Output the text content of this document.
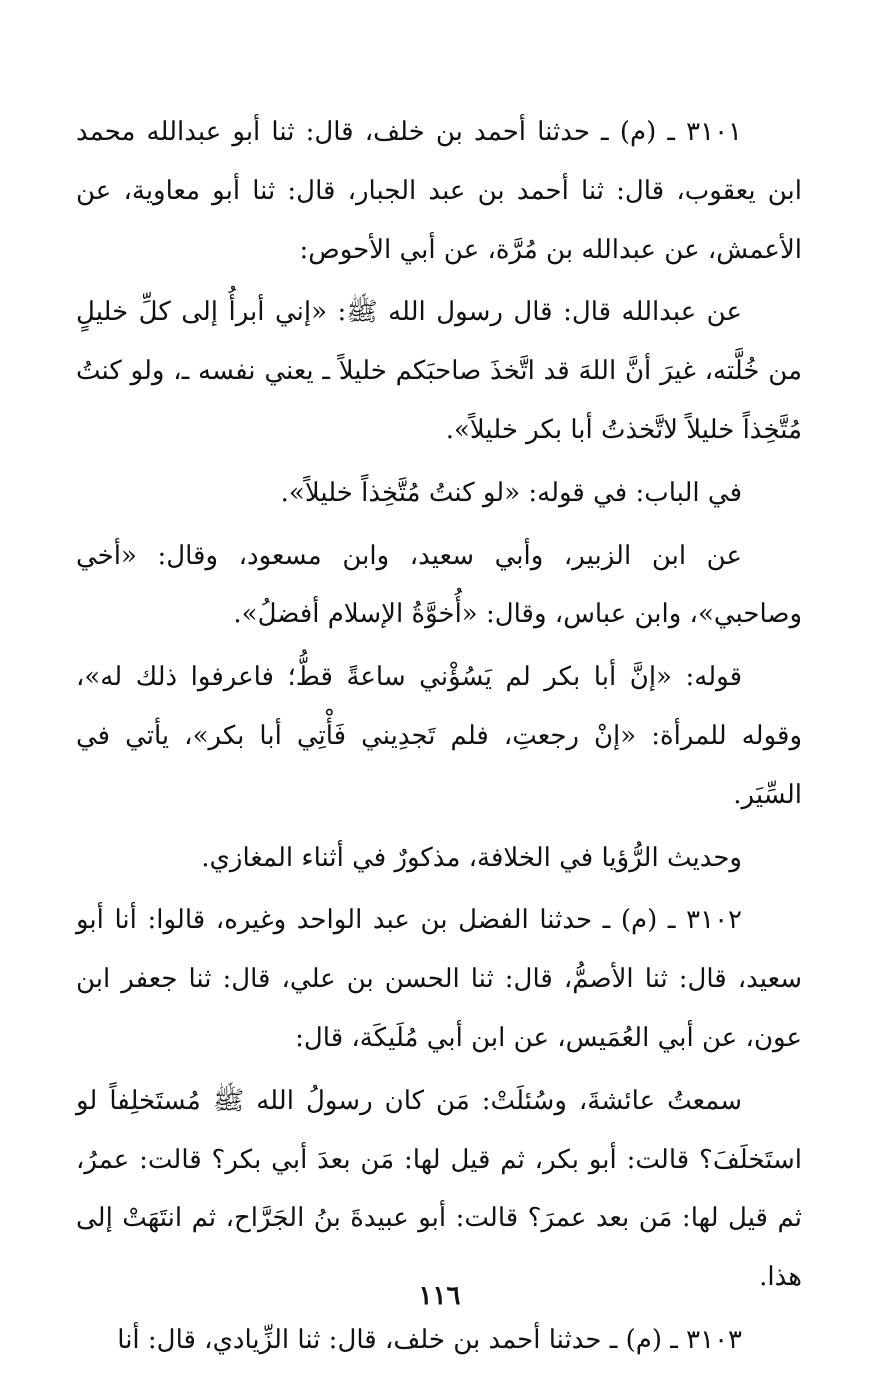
٣١٠١ ـ (م) ـ حدثنا أحمد بن خلف، قال: ثنا أبو عبدالله محمد ابن يعقوب، قال: ثنا أحمد بن عبد الجبار، قال: ثنا أبو معاوية، عن الأعمش، عن عبدالله بن مُرَّة، عن أبي الأحوص:

عن عبدالله قال: قال رسول الله ﷺ: «إني أبرأُ إلى كلِّ خليلٍ من خُلَّته، غيرَ أنَّ اللهَ قد اتَّخذَ صاحبَكم خليلاً ـ يعني نفسه ـ، ولو كنتُ مُتَّخِذاً خليلاً لاتَّخذتُ أبا بكر خليلاً».

في الباب: في قوله: «لو كنتُ مُتَّخِذاً خليلاً».

عن ابن الزبير، وأبي سعيد، وابن مسعود، وقال: «أخي وصاحبي»، وابن عباس، وقال: «أُخوَّةُ الإسلام أفضلُ».

قوله: «إنَّ أبا بكر لم يَسُؤْني ساعةً قطُّ؛ فاعرفوا ذلك له»، وقوله للمرأة: «إنْ رجعتِ، فلم تَجدِيني فَأْتِي أبا بكر»، يأتي في السِّيَر.

وحديث الرُّؤيا في الخلافة، مذكورٌ في أثناء المغازي.

٣١٠٢ ـ (م) ـ حدثنا الفضل بن عبد الواحد وغيره، قالوا: أنا أبو سعيد، قال: ثنا الأصمُّ، قال: ثنا الحسن بن علي، قال: ثنا جعفر ابن عون، عن أبي العُمَيس، عن ابن أبي مُلَيكَة، قال:

سمعتُ عائشةَ، وسُئلَتْ: مَن كان رسولُ الله ﷺ مُستَخلِفاً لو استَخلَفَ؟ قالت: أبو بكر، ثم قيل لها: مَن بعدَ أبي بكر؟ قالت: عمرُ، ثم قيل لها: مَن بعد عمرَ؟ قالت: أبو عبيدةَ بنُ الجَرَّاح، ثم انتَهَتْ إلى هذا.

٣١٠٣ ـ (م) ـ حدثنا أحمد بن خلف، قال: ثنا الزِّيادي، قال: أنا

١١٦
